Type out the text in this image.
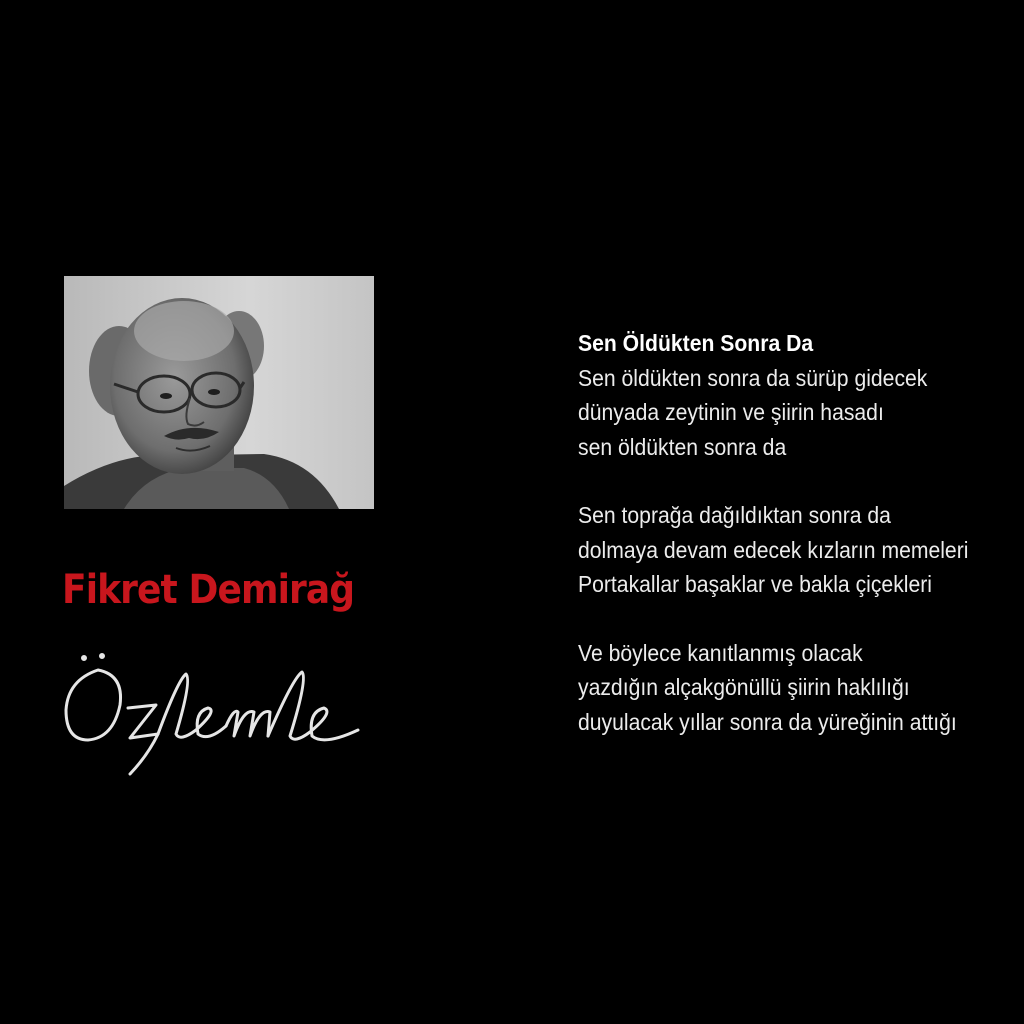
Fikret Demirağ
Sen Öldükten Sonra Da
Sen öldükten sonra da sürüp gidecek
dünyada zeytinin ve şiirin hasadı
sen öldükten sonra da
Sen toprağa dağıldıktan sonra da
dolmaya devam edecek kızların memeleri
Portakallar başaklar ve bakla çiçekleri
Ve böylece kanıtlanmış olacak
yazdığın alçakgönüllü şiirin haklılığı
duyulacak yıllar sonra da yüreğinin attığı
